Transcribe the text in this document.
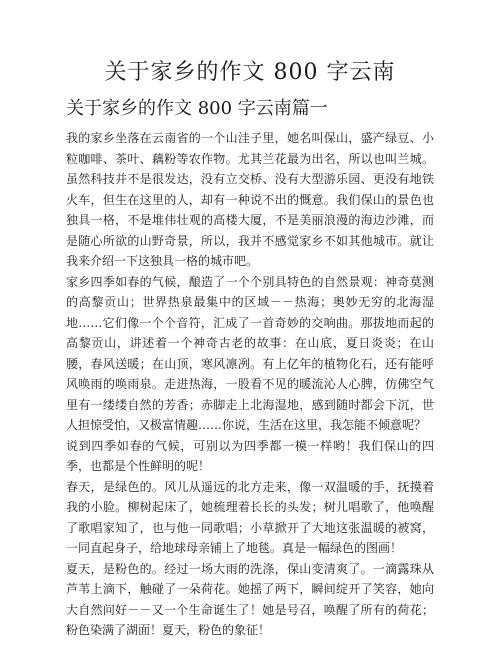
关于家乡的作文 800 字云南
关于家乡的作文 800 字云南篇一

我的家乡坐落在云南省的一个山洼子里，她名叫保山，盛产绿豆、小粒咖啡、茶叶、藕粉等农作物。尤其兰花最为出名，所以也叫兰城。虽然科技并不是很发达，没有立交桥、没有大型游乐园、更没有地铁火车，但生在这里的人，却有一种说不出的慨意。我们保山的景色也独具一格，不是堆伟壮观的高楼大厦，不是美丽浪漫的海边沙滩，而是随心所欲的山野奇景，所以，我并不感觉家乡不如其他城市。就让我来介绍一下这独具一格的城市吧。

家乡四季如春的气候，酿造了一个个别具特色的自然景观：神奇莫测的高黎贡山；世界热泉最集中的区域－－热海；奥妙无穷的北海湿地……它们像一个个音符，汇成了一首奇妙的交响曲。那拔地而起的高黎贡山，讲述着一个神奇古老的故事：在山底，夏日炎炎；在山腰，春风送暖；在山顶，寒风凛冽。有上亿年的植物化石，还有能呼风唤雨的唤雨泉。走进热海，一股看不见的暖流沁人心脾，仿佛空气里有一缕缕自然的芳香；赤脚走上北海湿地，感到随时都会下沉，世人担惊受怕，又极富情趣……你说，生活在这里，我怎能不倾意呢？

说到四季如春的气候，可别以为四季都一模一样哟！我们保山的四季，也都是个性鲜明的呢！

春天，是绿色的。风儿从遥远的北方走来，像一双温暖的手，抚摸着我的小脸。柳树起床了，她梳理着长长的头发；树儿唱歌了，他唤醒了歌唱家知了，也与他一同歌唱；小草掀开了大地这张温暖的被窝，一同直起身子，给地球母亲铺上了地毯。真是一幅绿色的图画！

夏天，是粉色的。经过一场大雨的洗涤，保山变清爽了。一滴露珠从芦苇上滴下，触碰了一朵荷花。她摇了两下，瞬间绽开了笑容，她向大自然问好－－又一个生命诞生了！她是号召，唤醒了所有的荷花；粉色染满了湖面！夏天，粉色的象征！
